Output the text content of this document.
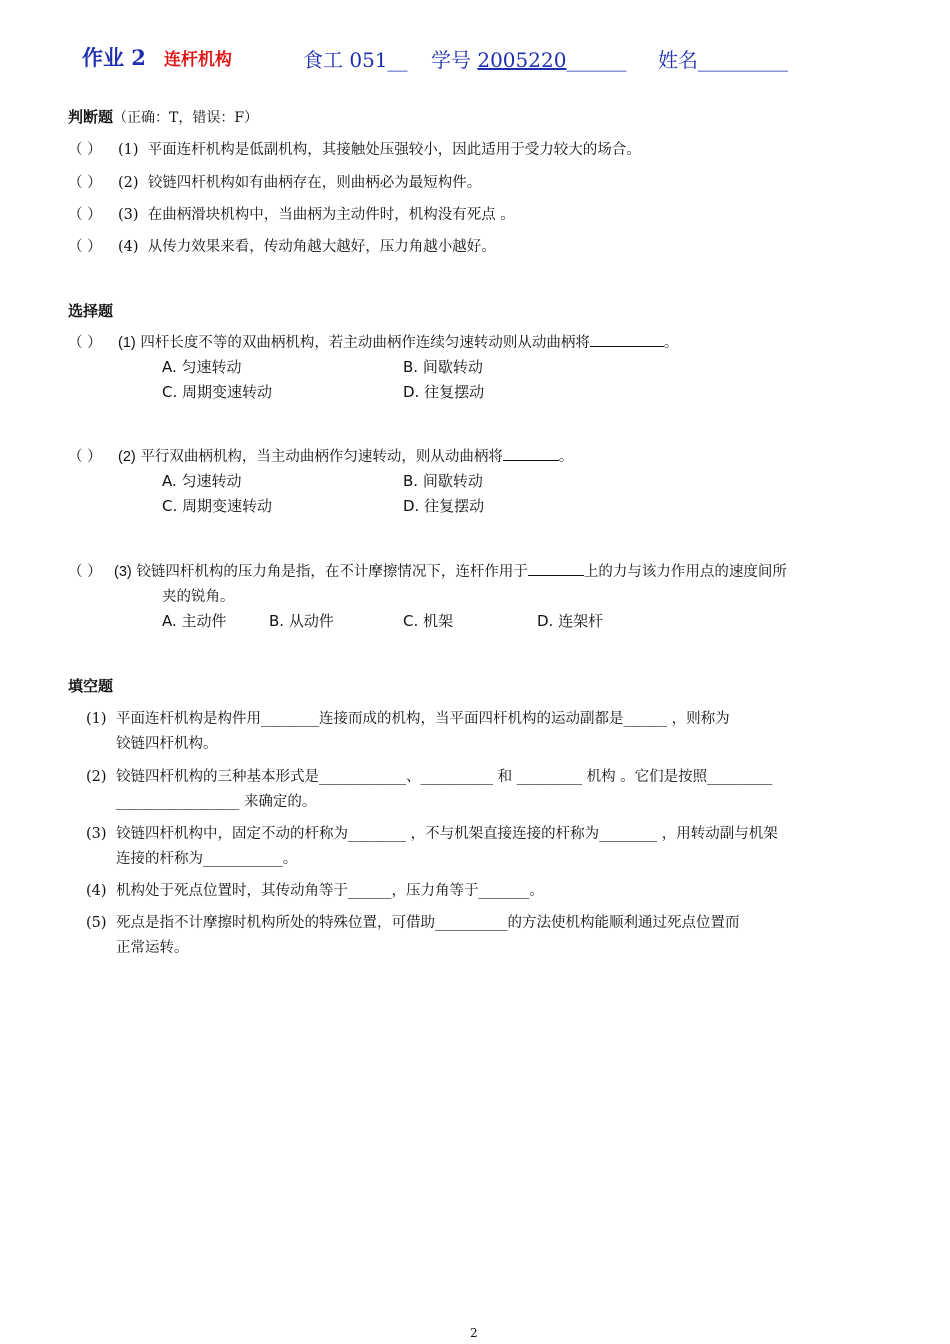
作业 2 连杆机构	食工 051__ 学号 2005220______ 姓名_________
判断题（正确：T，错误：F）
（ ） (1) 平面连杆机构是低副机构，其接触处压强较小，因此适用于受力较大的场合。
（ ） (2) 铰链四杆机构如有曲柄存在，则曲柄必为最短构件。
（ ） (3) 在曲柄滑块机构中，当曲柄为主动件时，机构没有死点 。
（ ） (4) 从传力效果来看，传动角越大越好，压力角越小越好。
选择题
（ ） (1) 四杆长度不等的双曲柄机构，若主动曲柄作连续匀速转动则从动曲柄将	。
A. 匀速转动	B. 间歇转动
C. 周期变速转动	D. 往复摆动
（ ） (2) 平行双曲柄机构，当主动曲柄作匀速转动，则从动曲柄将	。
A. 匀速转动	B. 间歇转动
C. 周期变速转动	D. 往复摆动
（ ） (3) 铰链四杆机构的压力角是指，在不计摩擦情况下，连杆作用于	上的力与该力作用点的速度间所
夹的锐角。
A. 主动件	B. 从动件	C. 机架	D. 连架杆
填空题
(1) 平面连杆机构是构件用________连接而成的机构，当平面四杆机构的运动副都是______ ，则称为
铰链四杆机构。
(2) 铰链四杆机构的三种基本形式是____________、__________ 和 _________ 机构 。它们是按照_________
_________________ 来确定的。
(3) 铰链四杆机构中，固定不动的杆称为________ ，不与机架直接连接的杆称为________ ，用转动副与机架
连接的杆称为___________。
(4) 机构处于死点位置时，其传动角等于______，压力角等于_______。
(5) 死点是指不计摩擦时机构所处的特殊位置，可借助__________的方法使机构能顺利通过死点位置而
正常运转。
2
